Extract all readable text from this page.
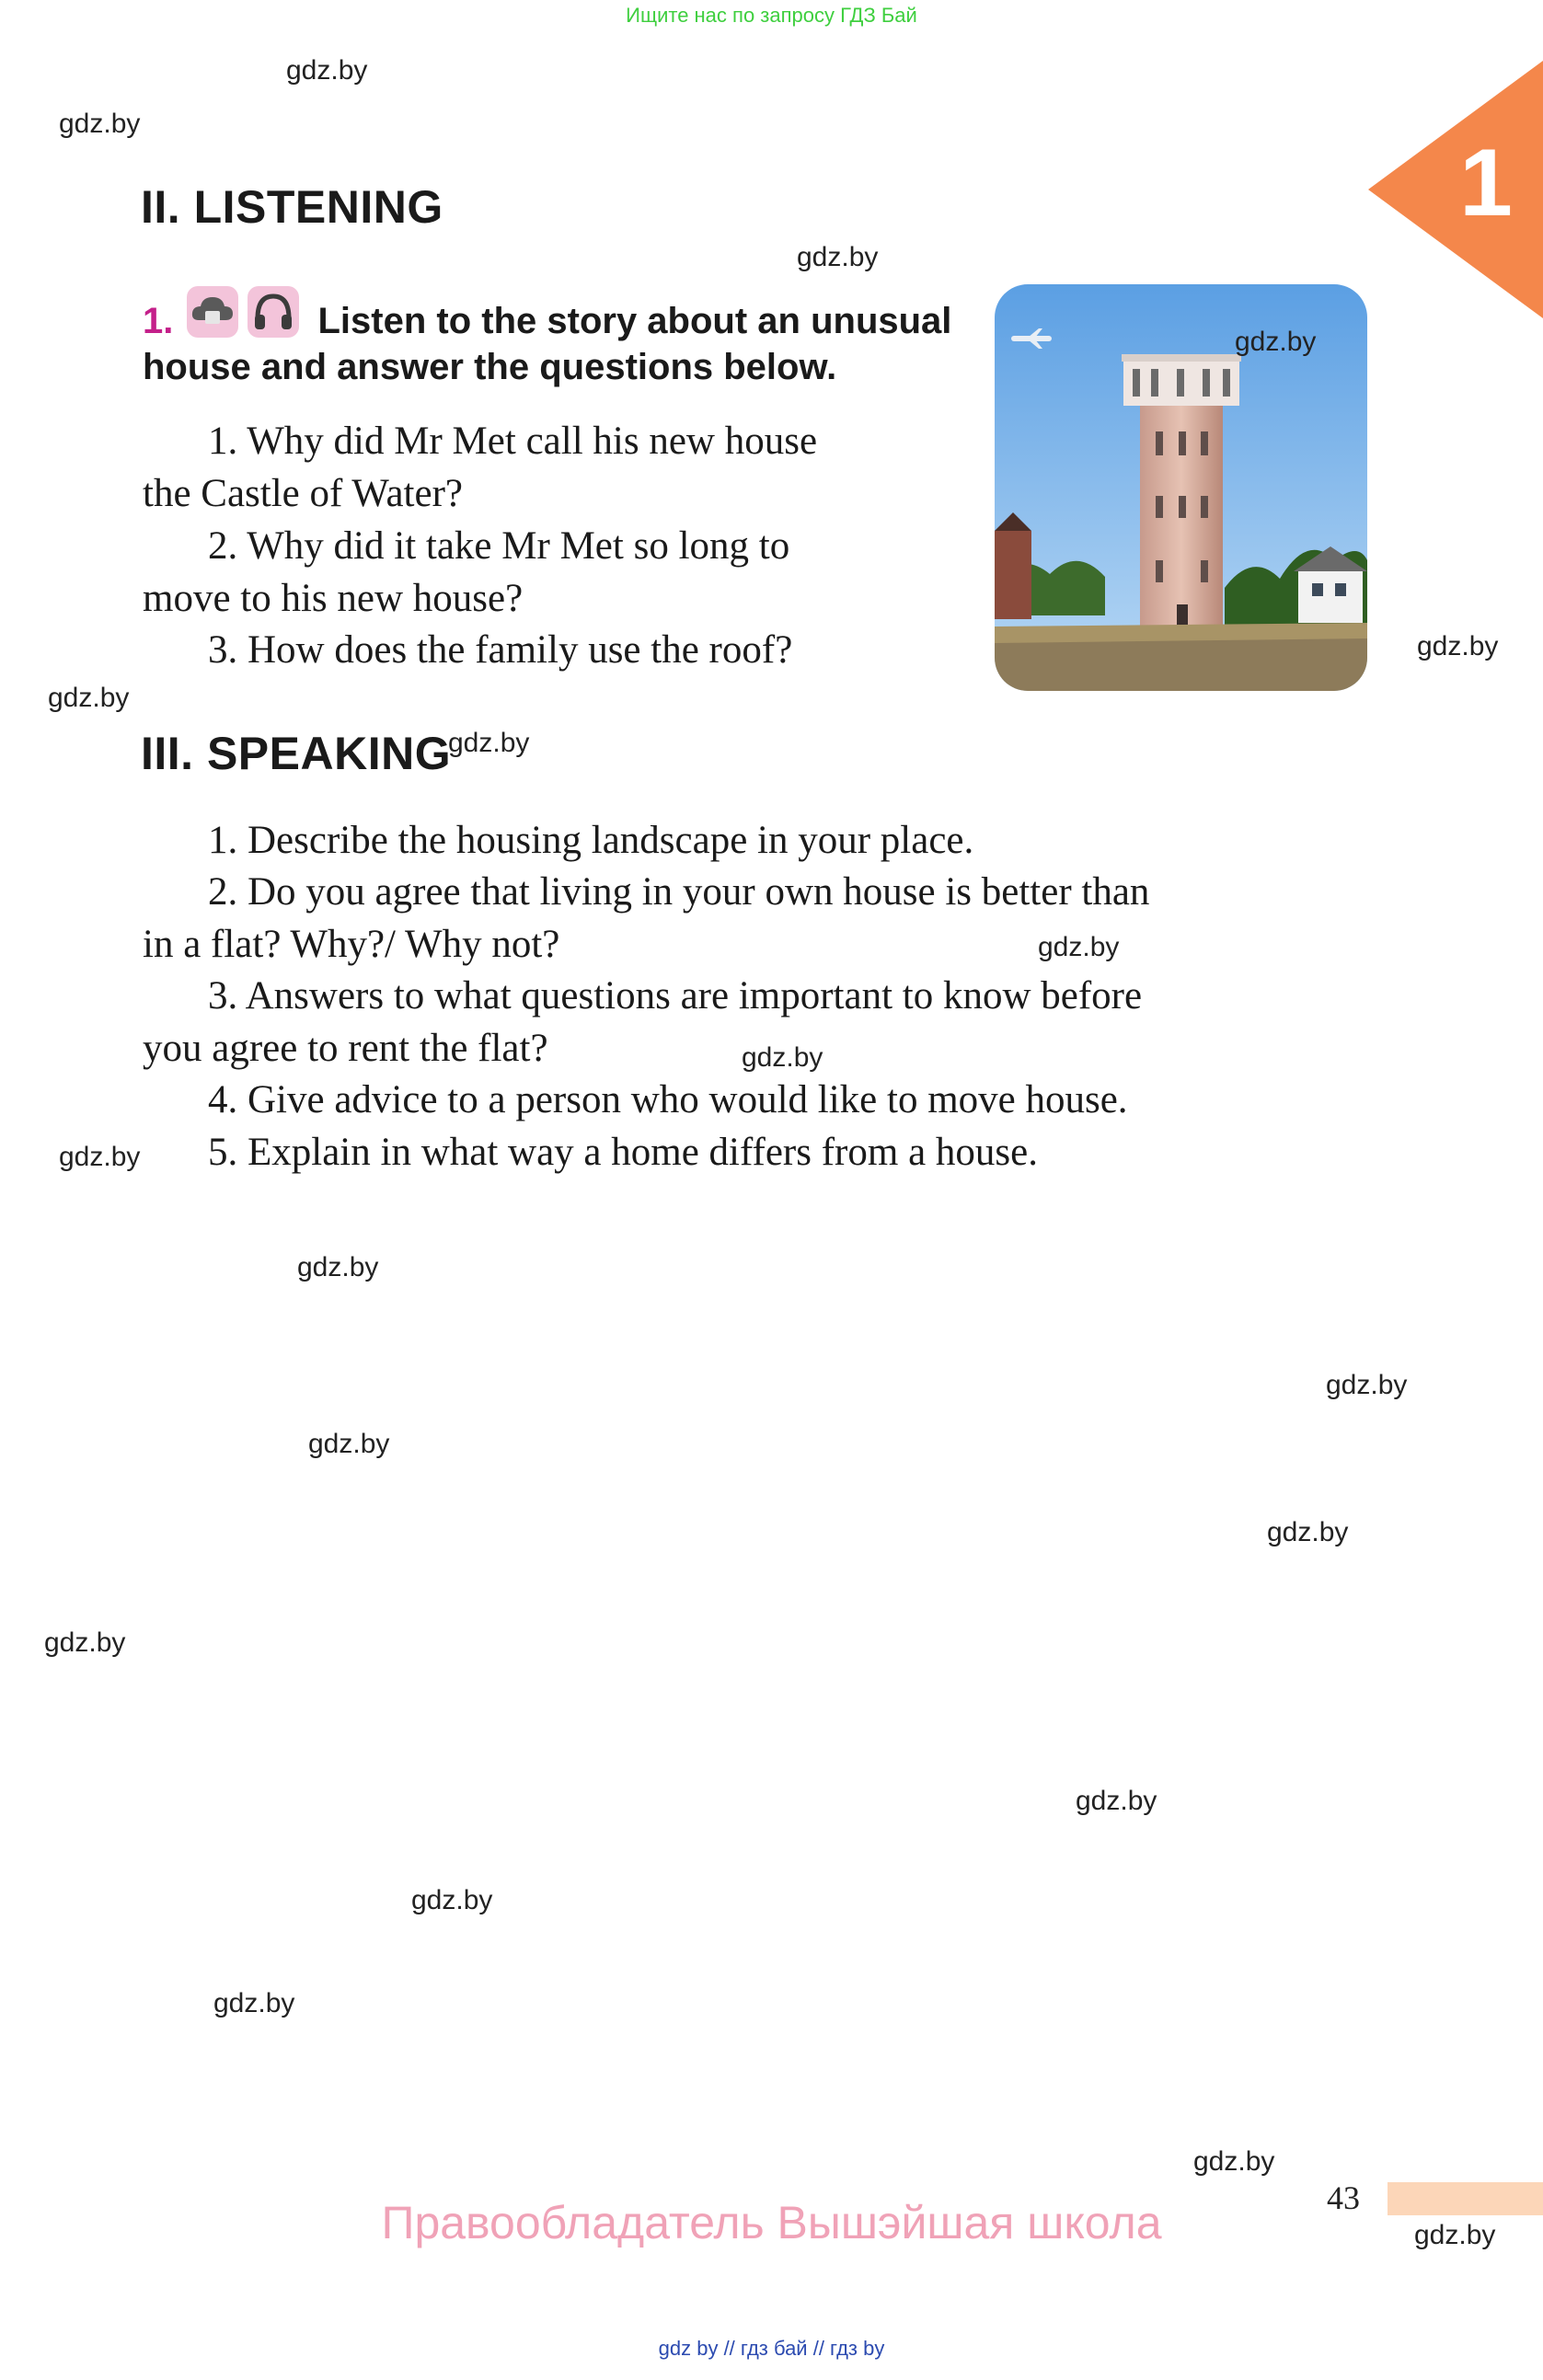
Ищите нас по запросу ГДЗ Бай
1
II. LISTENING
1.	Listen to the story about an unusual house and answer the questions below.
1. Why did Mr Met call his new house
the Castle of Water?
2. Why did it take Mr Met so long to
move to his new house?
3. How does the family use the roof?
III. SPEAKING
1. Describe the housing landscape in your place.
2. Do you agree that living in your own house is better than
in a flat? Why?/ Why not?
3. Answers to what questions are important to know before
you agree to rent the flat?
4. Give advice to a person who would like to move house.
5. Explain in what way a home differs from a house.
gdz.by
gdz.by
gdz.by
gdz.by
gdz.by
gdz.by
gdz.by
gdz.by
gdz.by
gdz.by
gdz.by
gdz.by
gdz.by
gdz.by
gdz.by
gdz.by
gdz.by
gdz.by
gdz.by
gdz.by
43
Правообладатель Вышэйшая школа
gdz by // гдз бай // гдз by
